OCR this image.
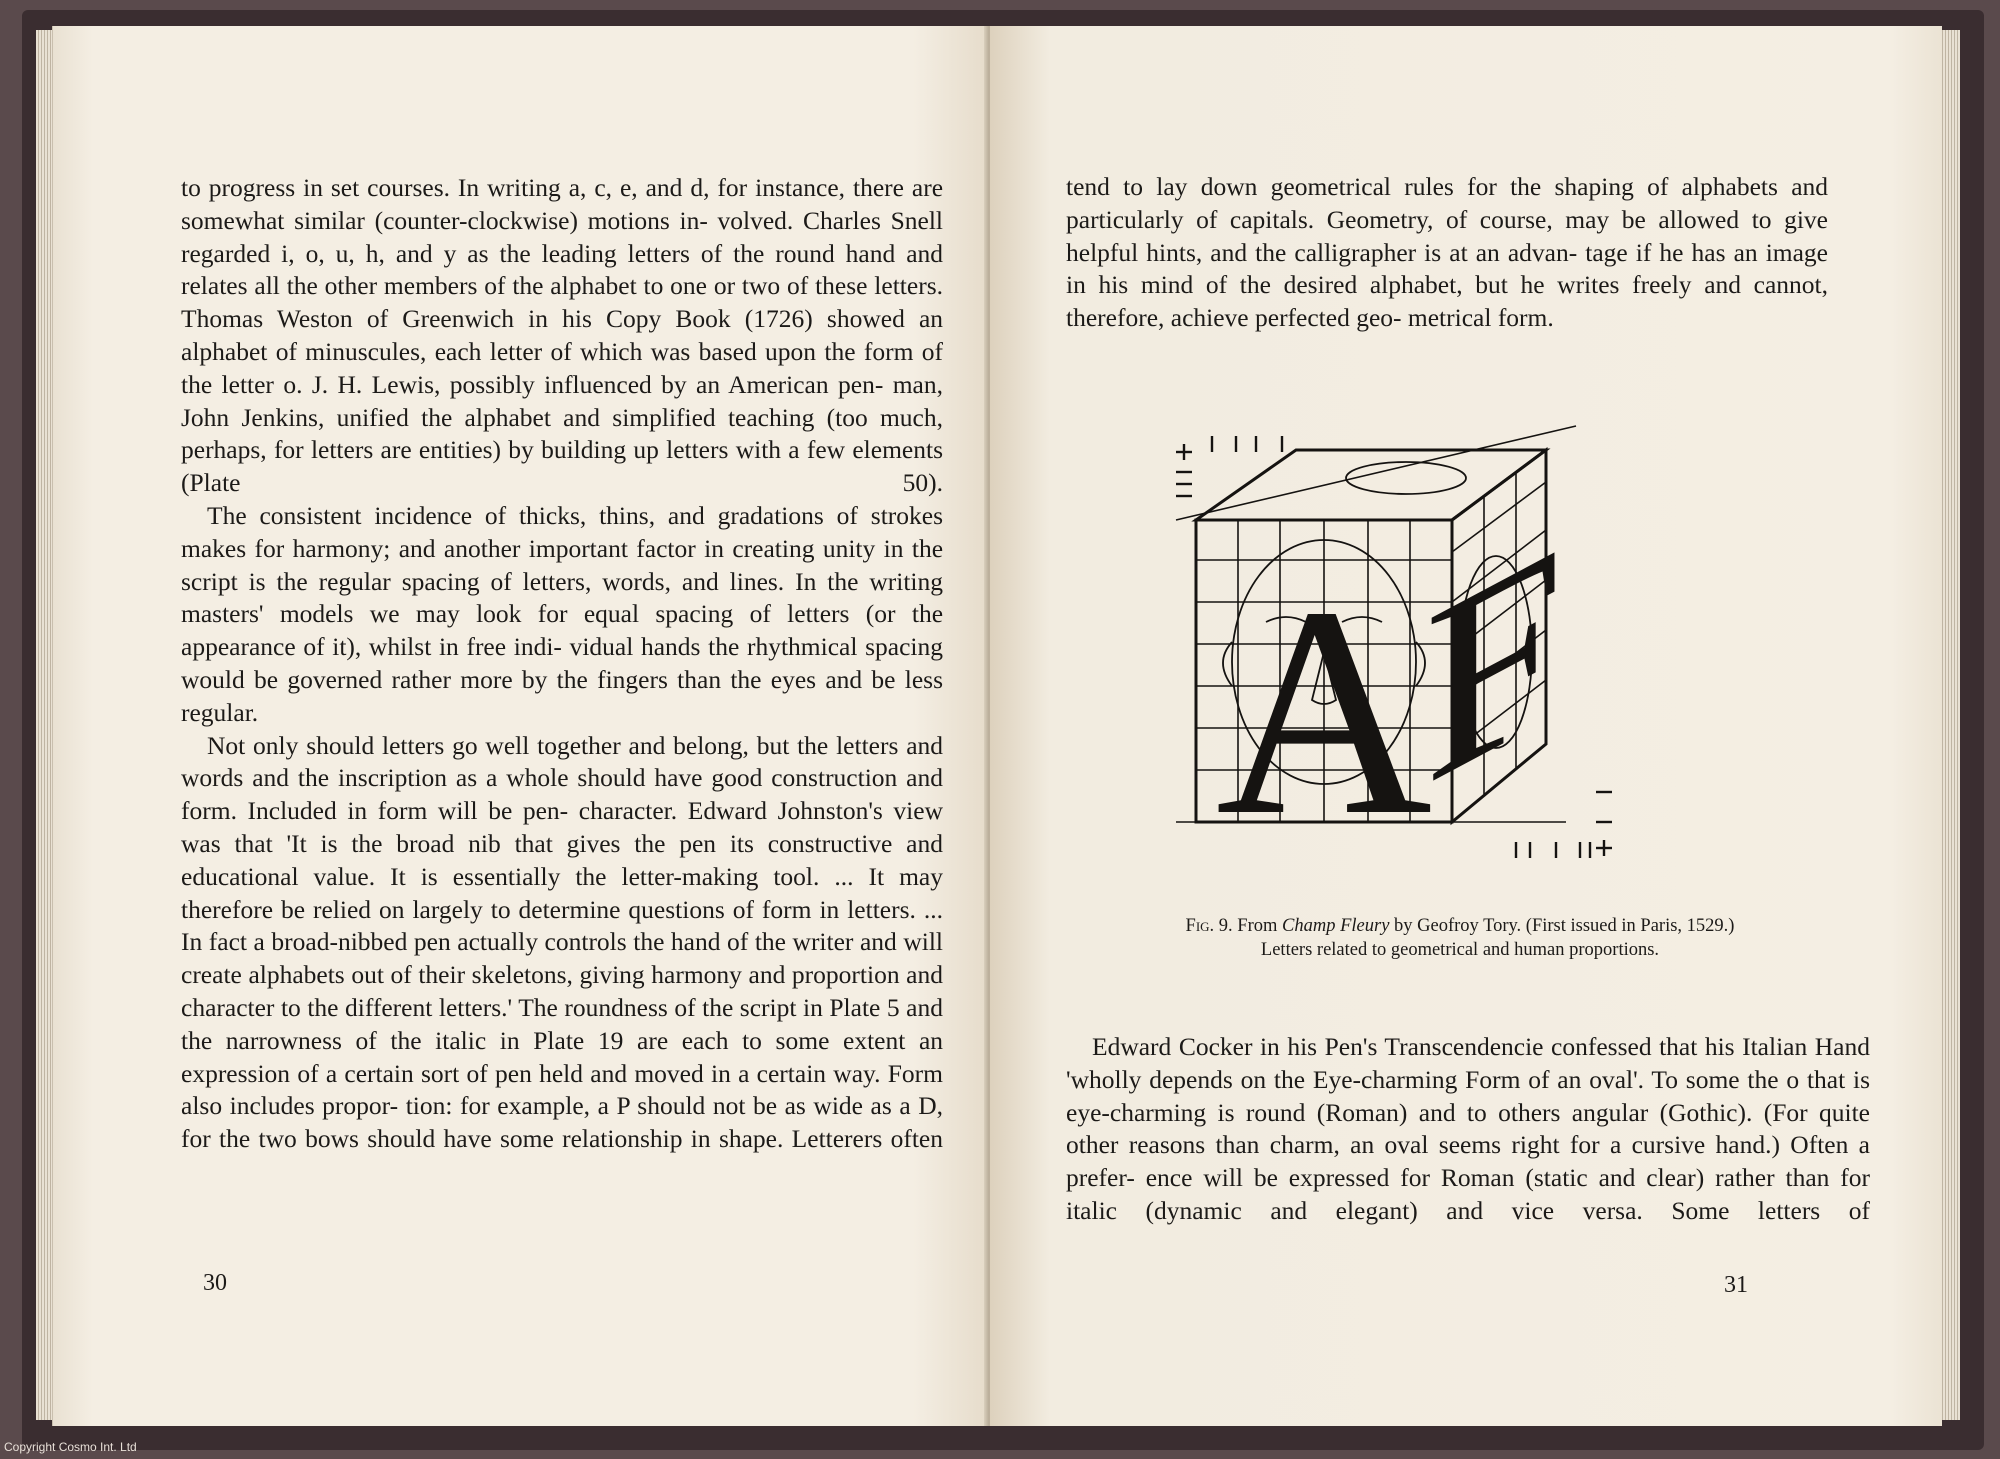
to progress in set courses. In writing a, c, e, and d, for instance, there are somewhat similar (counter-clockwise) motions in- volved. Charles Snell regarded i, o, u, h, and y as the leading letters of the round hand and relates all the other members of the alphabet to one or two of these letters. Thomas Weston of Greenwich in his Copy Book (1726) showed an alphabet of minuscules, each letter of which was based upon the form of the letter o. J. H. Lewis, possibly influenced by an American pen- man, John Jenkins, unified the alphabet and simplified teaching (too much, perhaps, for letters are entities) by building up letters with a few elements (Plate 50).

The consistent incidence of thicks, thins, and gradations of strokes makes for harmony; and another important factor in creating unity in the script is the regular spacing of letters, words, and lines. In the writing masters' models we may look for equal spacing of letters (or the appearance of it), whilst in free indi- vidual hands the rhythmical spacing would be governed rather more by the fingers than the eyes and be less regular.

Not only should letters go well together and belong, but the letters and words and the inscription as a whole should have good construction and form. Included in form will be pen- character. Edward Johnston's view was that 'It is the broad nib that gives the pen its constructive and educational value. It is essentially the letter-making tool. ... It may therefore be relied on largely to determine questions of form in letters. ... In fact a broad-nibbed pen actually controls the hand of the writer and will create alphabets out of their skeletons, giving harmony and proportion and character to the different letters.' The roundness of the script in Plate 5 and the narrowness of the italic in Plate 19 are each to some extent an expression of a certain sort of pen held and moved in a certain way. Form also includes propor- tion: for example, a P should not be as wide as a D, for the two bows should have some relationship in shape. Letterers often

30

tend to lay down geometrical rules for the shaping of alphabets and particularly of capitals. Geometry, of course, may be allowed to give helpful hints, and the calligrapher is at an advan- tage if he has an image in his mind of the desired alphabet, but he writes freely and cannot, therefore, achieve perfected geo- metrical form.

A
F
Fig. 9. From Champ Fleury by Geofroy Tory. (First issued in Paris, 1529.)
Letters related to geometrical and human proportions.

Edward Cocker in his Pen's Transcendencie confessed that his Italian Hand 'wholly depends on the Eye-charming Form of an oval'. To some the o that is eye-charming is round (Roman) and to others angular (Gothic). (For quite other reasons than charm, an oval seems right for a cursive hand.) Often a prefer- ence will be expressed for Roman (static and clear) rather than for italic (dynamic and elegant) and vice versa. Some letters of

31
Copyright Cosmo Int. Ltd
